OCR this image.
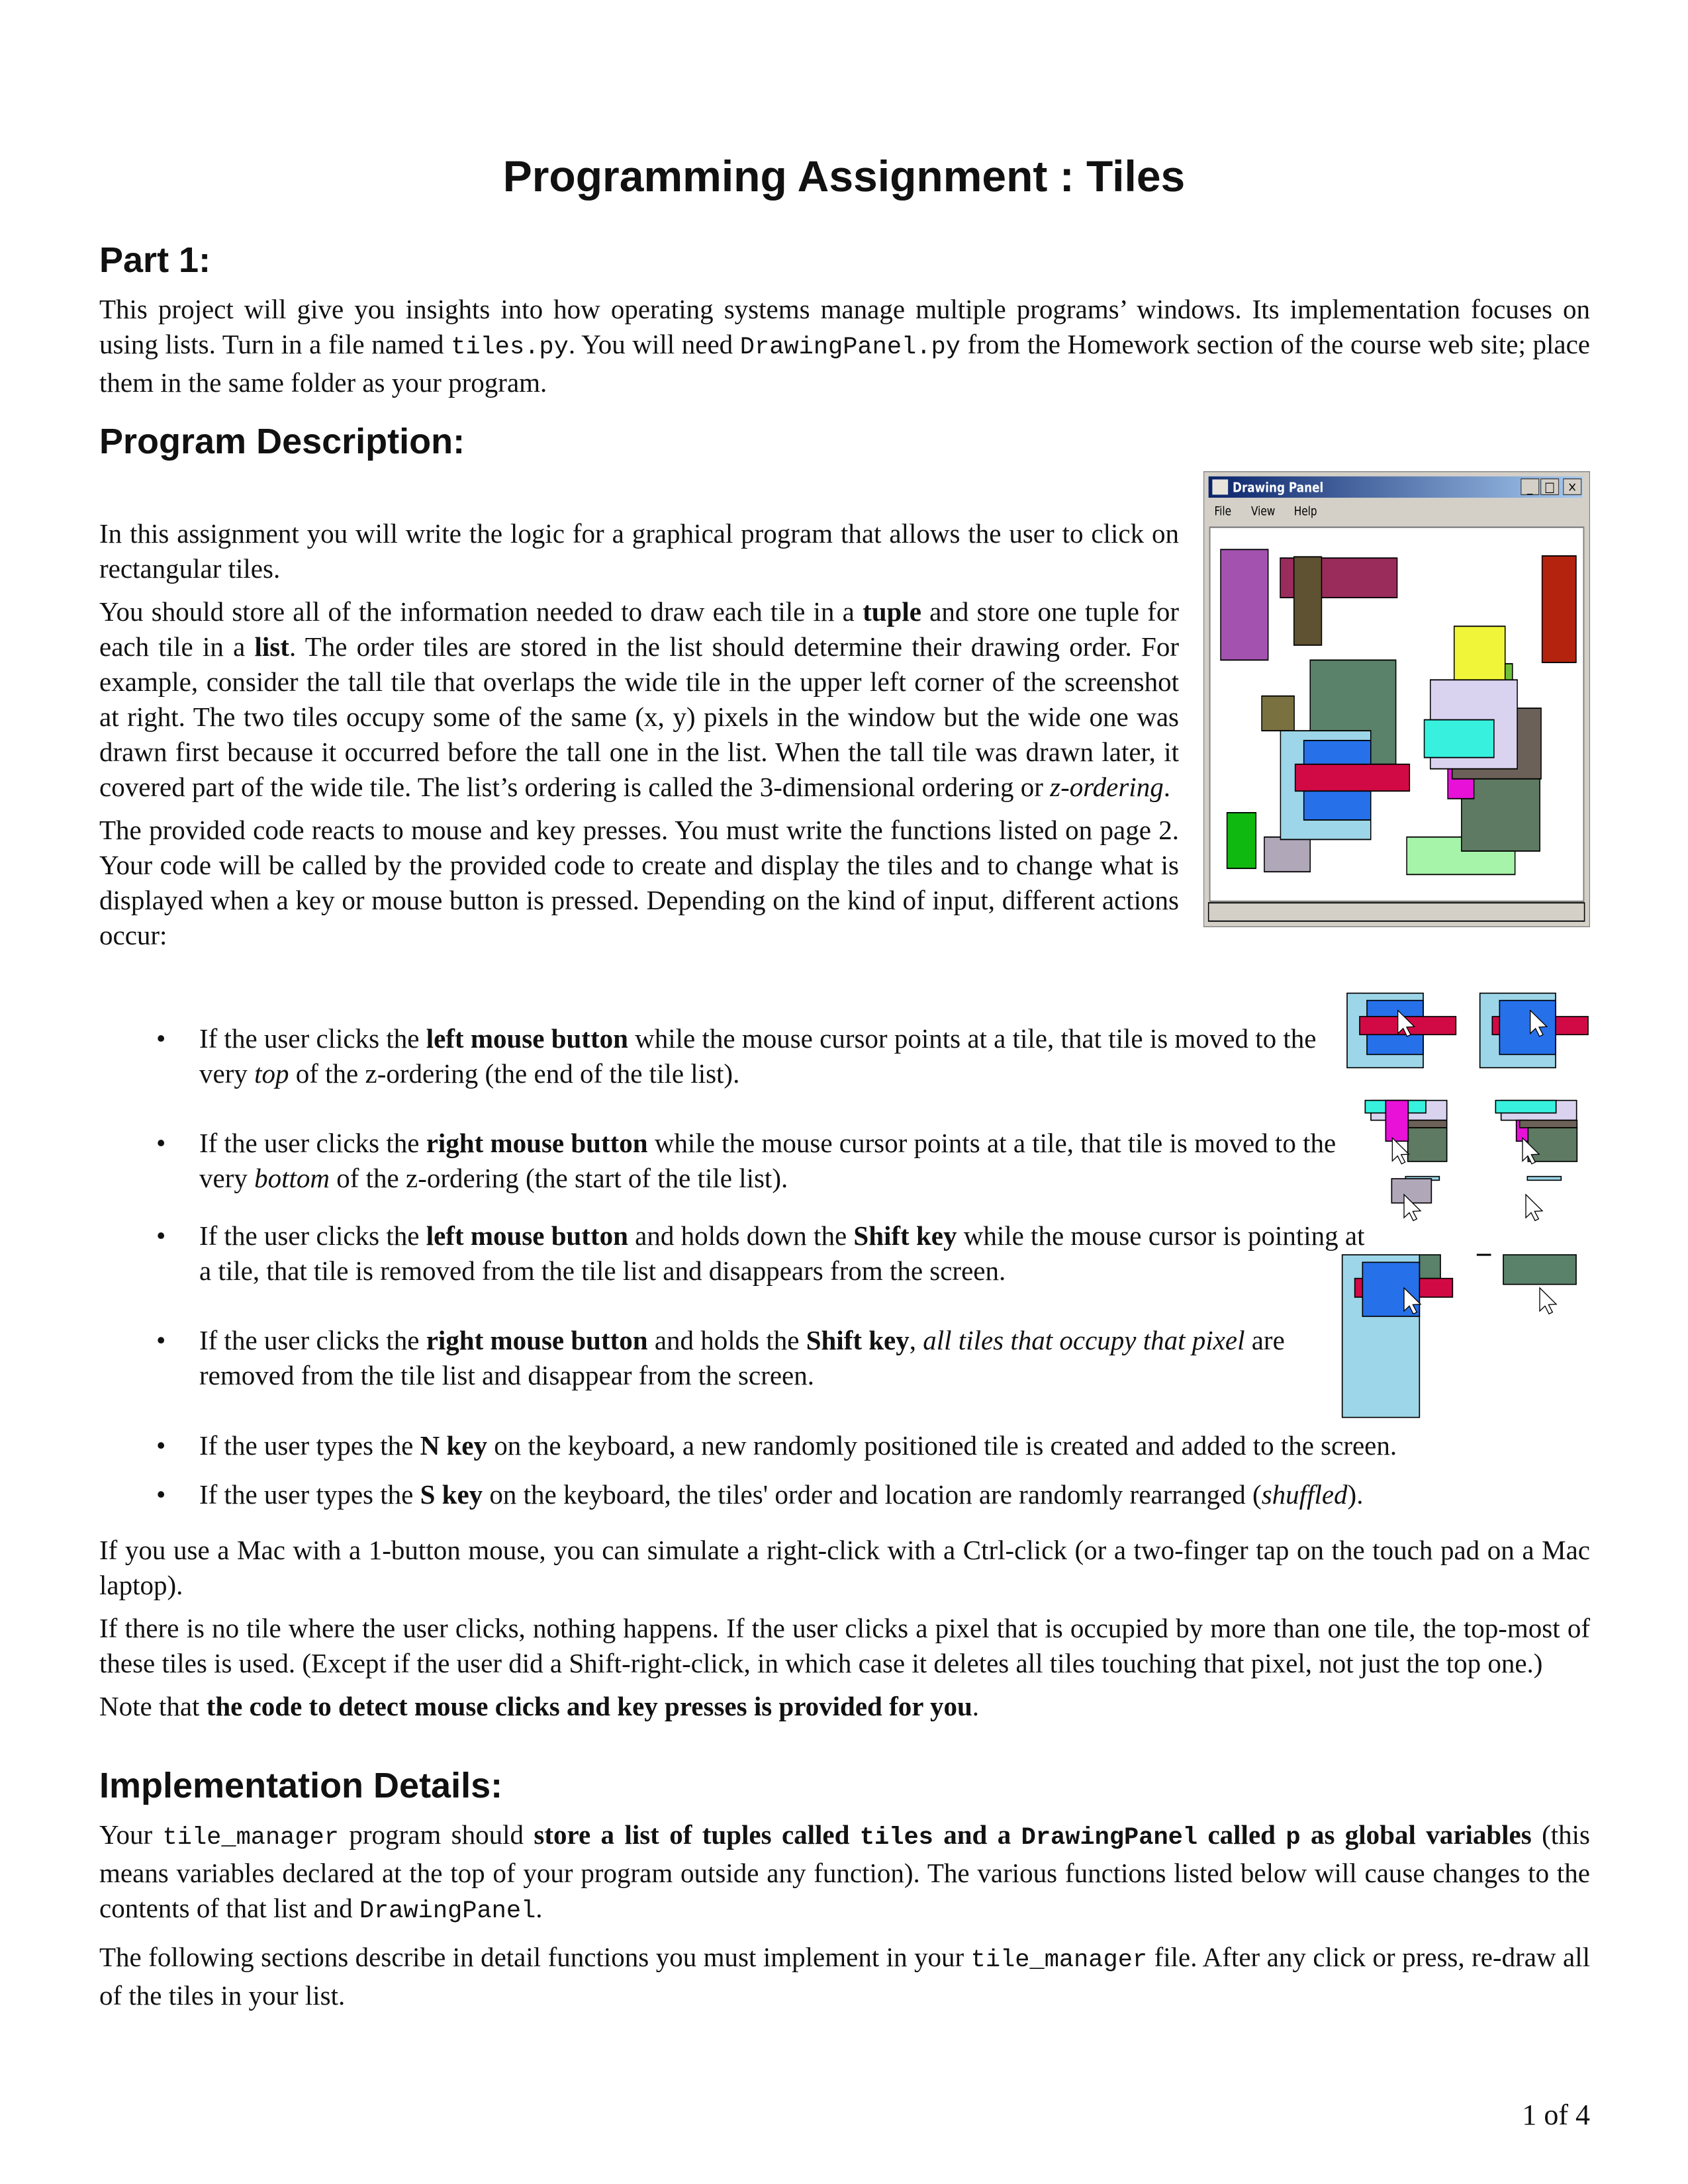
Programming Assignment : Tiles
Part 1:

This project will give you insights into how operating systems manage multiple programs’ windows. Its implementation focuses on using lists. Turn in a file named tiles.py. You will need DrawingPanel.py from the Homework section of the course web site; place them in the same folder as your program.

Program Description:

In this assignment you will write the logic for a graphical program that allows the user to click on rectangular tiles.

You should store all of the information needed to draw each tile in a tuple and store one tuple for each tile in a list. The order tiles are stored in the list should determine their drawing order. For example, consider the tall tile that overlaps the wide tile in the upper left corner of the screenshot at right. The two tiles occupy some of the same (x, y) pixels in the window but the wide one was drawn first because it occurred before the tall one in the list. When the tall tile was drawn later, it covered part of the wide tile. The list’s ordering is called the 3-dimensional ordering or z-ordering.

The provided code reacts to mouse and key presses. You must write the functions listed on page 2. Your code will be called by the provided code to create and display the tiles and to change what is displayed when a key or mouse button is pressed. Depending on the kind of input, different actions occur:

Drawing Panel	_ □ ×
File View Help
• If the user clicks the left mouse button while the mouse cursor points at a tile, that tile is moved to the very top of the z-ordering (the end of the tile list).
• If the user clicks the right mouse button while the mouse cursor points at a tile, that tile is moved to the very bottom of the z-ordering (the start of the tile list).
• If the user clicks the left mouse button and holds down the Shift key while the mouse cursor is pointing at a tile, that tile is removed from the tile list and disappears from the screen.
• If the user clicks the right mouse button and holds the Shift key, all tiles that occupy that pixel are removed from the tile list and disappear from the screen.
• If the user types the N key on the keyboard, a new randomly positioned tile is created and added to the screen.
• If the user types the S key on the keyboard, the tiles' order and location are randomly rearranged (shuffled).

If you use a Mac with a 1-button mouse, you can simulate a right-click with a Ctrl-click (or a two-finger tap on the touch pad on a Mac laptop).

If there is no tile where the user clicks, nothing happens. If the user clicks a pixel that is occupied by more than one tile, the top-most of these tiles is used. (Except if the user did a Shift-right-click, in which case it deletes all tiles touching that pixel, not just the top one.)

Note that the code to detect mouse clicks and key presses is provided for you.

Implementation Details:

Your tile_manager program should store a list of tuples called tiles and a DrawingPanel called p as global variables (this means variables declared at the top of your program outside any function). The various functions listed below will cause changes to the contents of that list and DrawingPanel.

The following sections describe in detail functions you must implement in your tile_manager file. After any click or press, re-draw all of the tiles in your list.

1 of 4
